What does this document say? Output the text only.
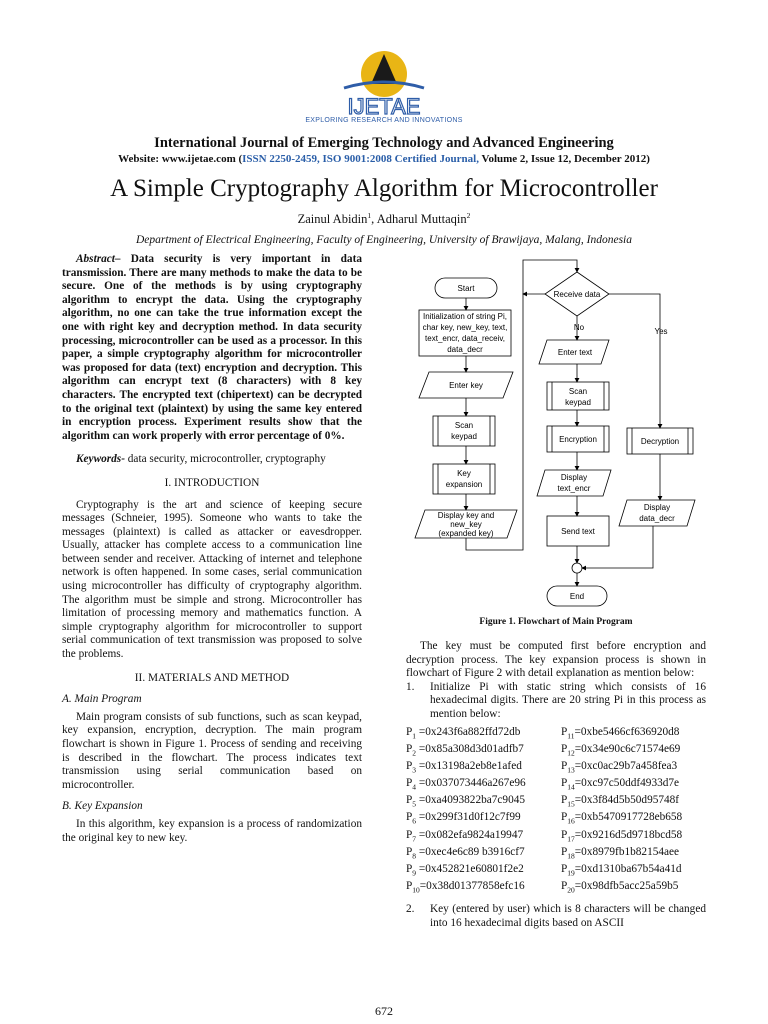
IJETAE
EXPLORING RESEARCH AND INNOVATIONS
International Journal of Emerging Technology and Advanced Engineering
Website: www.ijetae.com (ISSN 2250-2459, ISO 9001:2008 Certified Journal, Volume 2, Issue 12, December 2012)
A Simple Cryptography Algorithm for Microcontroller
Zainul Abidin$^1$, Adharul Muttaqin$^2$
Department of Electrical Engineering, Faculty of Engineering, University of Brawijaya, Malang, Indonesia

Abstract– Data security is very important in data transmission. There are many methods to make the data to be secure. One of the methods is by using cryptography algorithm to encrypt the data. Using the cryptography algorithm, no one can take the true information except the one with right key and decryption method. In data security processing, microcontroller can be used as a processor. In this paper, a simple cryptography algorithm for microcontroller was proposed for data (text) encryption and decryption. This algorithm can encrypt text (8 characters) with 8 key characters. The encrypted text (chipertext) can be decrypted to the original text (plaintext) by using the same key entered in encryption process. Experiment results show that the algorithm can work properly with error percentage of 0%.

Keywords- data security, microcontroller, cryptography

I. INTRODUCTION

Cryptography is the art and science of keeping secure messages (Schneier, 1995). Someone who wants to take the messages (plaintext) is called as attacker or eavesdropper. Usually, attacker has complete access to a communication line between sender and receiver. Attacking of internet and telephone network is often happened. In some cases, serial communication using microcontroller has difficulty of cryptography algorithm. The algorithm must be simple and strong. Microcontroller has limitation of processing memory and mathematics function. A simple cryptography algorithm for microcontroller to support serial communication of text transmission was proposed to solve the problems.

II. MATERIALS AND METHOD
A. Main Program

Main program consists of sub functions, such as scan keypad, key expansion, encryption, decryption. The main program flowchart is shown in Figure 1. Process of sending and receiving is described in the flowchart. The process indicates text transmission using serial communication based on microcontroller.

B. Key Expansion

In this algorithm, key expansion is a process of randomization the original key to new key.

Start
Initialization of string Pi,
char key, new_key, text,
text_encr, data_receiv,
data_decr
Enter key
Scan
keypad
Key
expansion
Display key and
new_key
(expanded key)
Receive data
No	Yes
Enter text
Scan
keypad
Encryption	Decryption
Display
text_encr
Display
data_decr
Send text
End
Figure 1. Flowchart of Main Program

The key must be computed first before encryption and decryption process. The key expansion process is shown in flowchart of Figure 2 with detail explanation as mention below:

1.	Initialize Pi with static string which consists of 16 hexadecimal digits. There are 20 string Pi in this process as mention below:
$P_1 =0x243f6a882ffd72db$	$P_{11}=0xbe5466cf636920d8$
$P_2$ =0x85a308d3d01adfb7	$P_{12}=0x34e90c6c71574e69$
$P_3$ =0x13198a2eb8e1afed	$P_{13}=0xc0ac29b7a458fea3$
$P_4 =0x037073446a267e96$	$P_{14}=0xc97c50ddf4933d7e$
$P_5 =0xa4093822ba7c9045$	$P_{15}=0x3f84d5b50d95748f$
$P_6 =0x299f31d0f12c7f99$	$P_{16}=0xb5470917728eb658$
$P_7 =0x082efa9824a19947$	$P_{17}=0x9216d5d9718bcd58$
$P_8 =0xec4e6c89$ b3916cf7	$P_{18}=0x8979fb1b82154aee$
$P_9 =0x452821e60801f2e2$	$P_{19}=0xd1310ba67b54a41d$
$P_{10}=0x38d01377858efc16$	$P_{20}=0x98dfb5acc25a59b5$
2.	Key (entered by user) which is 8 characters will be changed into 16 hexadecimal digits based on ASCII
672
